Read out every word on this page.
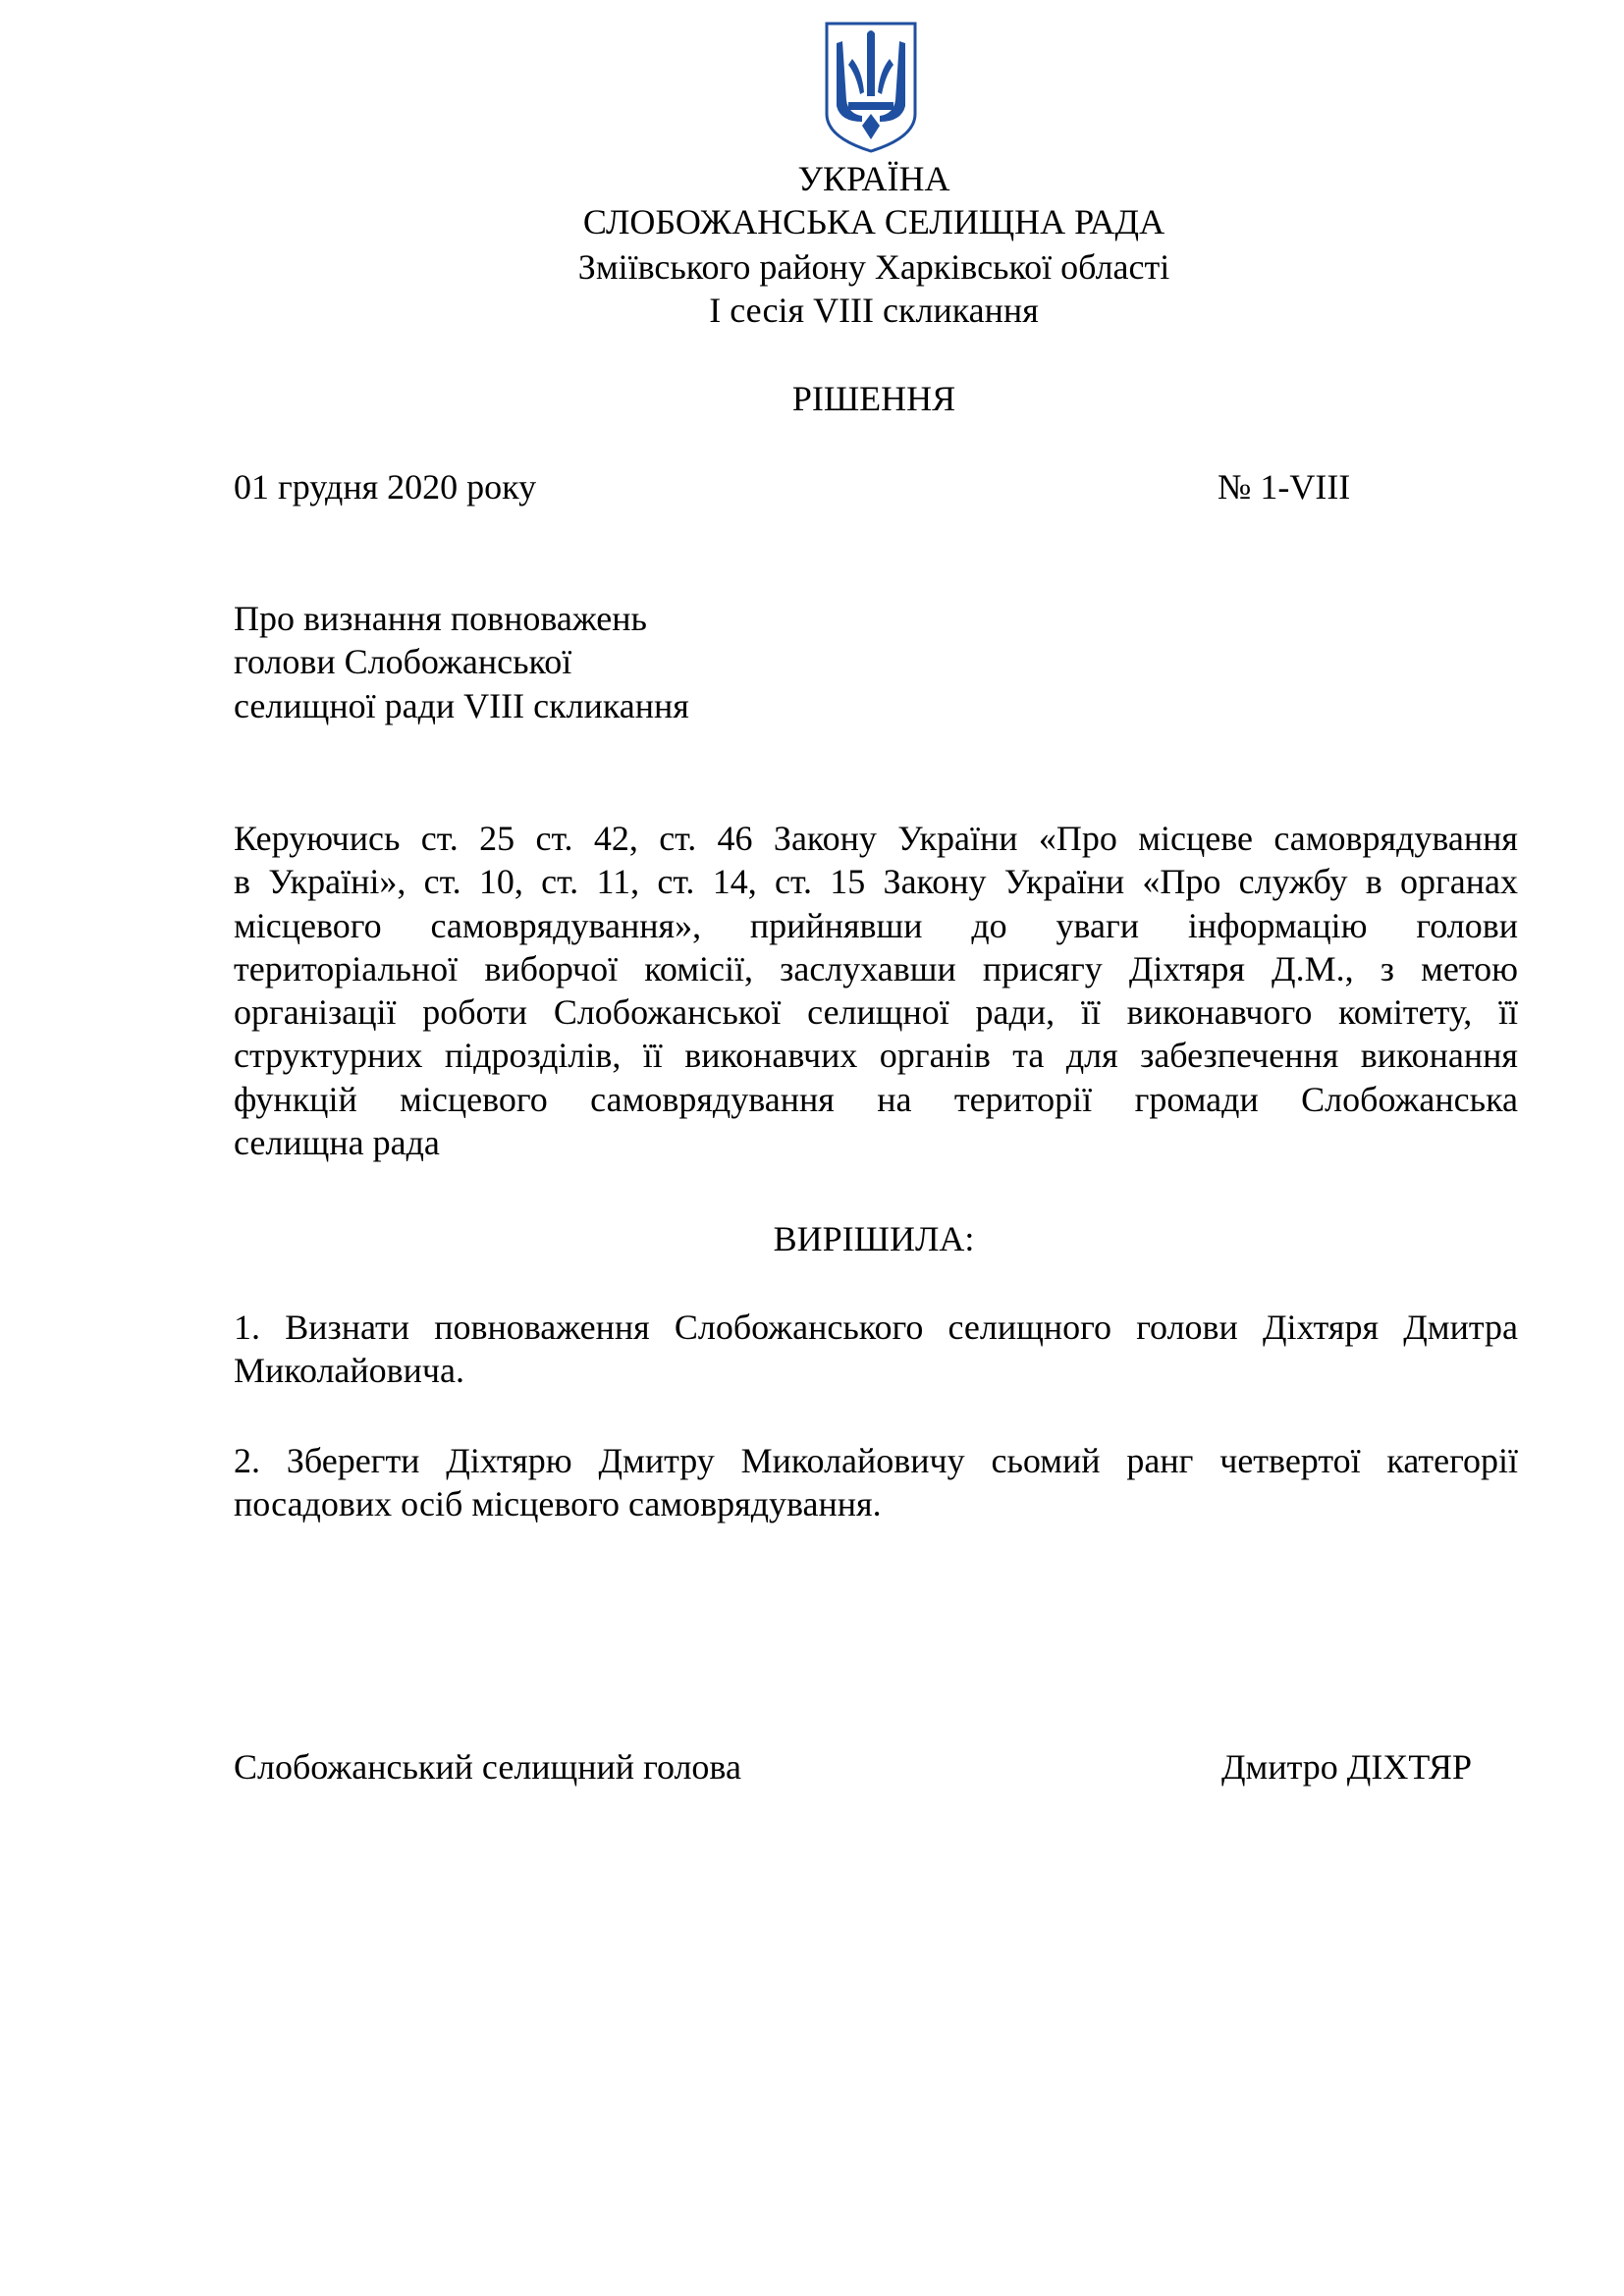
УКРАЇНА
СЛОБОЖАНСЬКА СЕЛИЩНА РАДА
Зміївського району Харківської області
І сесія VIII скликання
РІШЕННЯ
01 грудня 2020 року	№ 1-VIII
Про визнання повноважень
голови Слобожанської
селищної ради VIII скликання
Керуючись ст. 25 ст. 42, ст. 46 Закону України «Про місцеве самоврядування
в Україні», ст. 10, ст. 11, ст. 14, ст. 15 Закону України «Про службу в органах
місцевого самоврядування», прийнявши до уваги інформацію голови
територіальної виборчої комісії, заслухавши присягу Діхтяря Д.М., з метою
організації роботи Слобожанської селищної ради, її виконавчого комітету, її
структурних підрозділів, її виконавчих органів та для забезпечення виконання
функцій місцевого самоврядування на території громади Слобожанська
селищна рада
ВИРІШИЛА:
1. Визнати повноваження Слобожанського селищного голови Діхтяря Дмитра
Миколайовича.
2. Зберегти Діхтярю Дмитру Миколайовичу сьомий ранг четвертої категорії
посадових осіб місцевого самоврядування.
Слобожанський селищний голова	Дмитро ДІХТЯР
